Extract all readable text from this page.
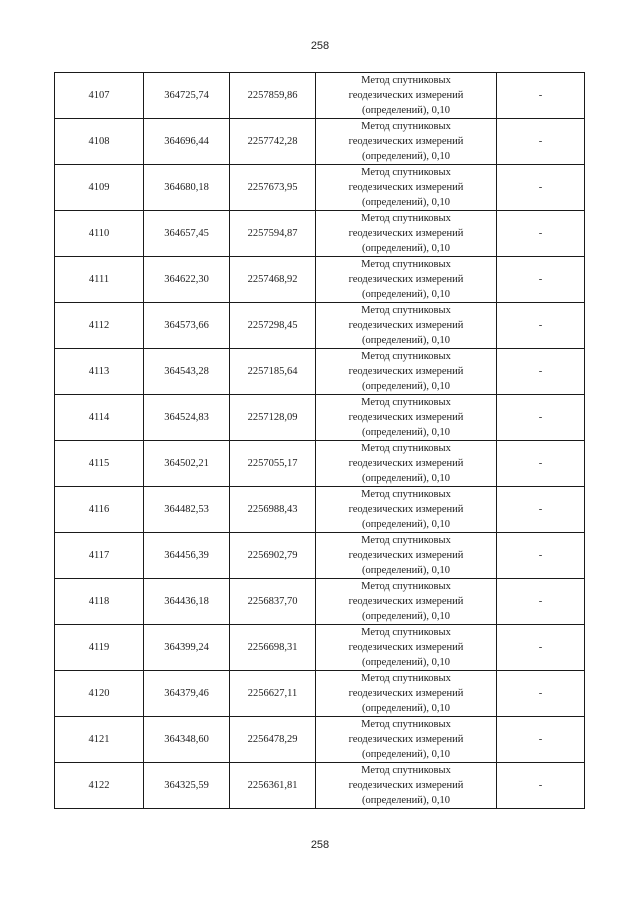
258
4107	364725,74	2257859,86	Метод спутниковых
геодезических измерений
(определений), 0,10	-
4108	364696,44	2257742,28	Метод спутниковых
геодезических измерений
(определений), 0,10	-
4109	364680,18	2257673,95	Метод спутниковых
геодезических измерений
(определений), 0,10	-
4110	364657,45	2257594,87	Метод спутниковых
геодезических измерений
(определений), 0,10	-
4111	364622,30	2257468,92	Метод спутниковых
геодезических измерений
(определений), 0,10	-
4112	364573,66	2257298,45	Метод спутниковых
геодезических измерений
(определений), 0,10	-
4113	364543,28	2257185,64	Метод спутниковых
геодезических измерений
(определений), 0,10	-
4114	364524,83	2257128,09	Метод спутниковых
геодезических измерений
(определений), 0,10	-
4115	364502,21	2257055,17	Метод спутниковых
геодезических измерений
(определений), 0,10	-
4116	364482,53	2256988,43	Метод спутниковых
геодезических измерений
(определений), 0,10	-
4117	364456,39	2256902,79	Метод спутниковых
геодезических измерений
(определений), 0,10	-
4118	364436,18	2256837,70	Метод спутниковых
геодезических измерений
(определений), 0,10	-
4119	364399,24	2256698,31	Метод спутниковых
геодезических измерений
(определений), 0,10	-
4120	364379,46	2256627,11	Метод спутниковых
геодезических измерений
(определений), 0,10	-
4121	364348,60	2256478,29	Метод спутниковых
геодезических измерений
(определений), 0,10	-
4122	364325,59	2256361,81	Метод спутниковых
геодезических измерений
(определений), 0,10	-
258
